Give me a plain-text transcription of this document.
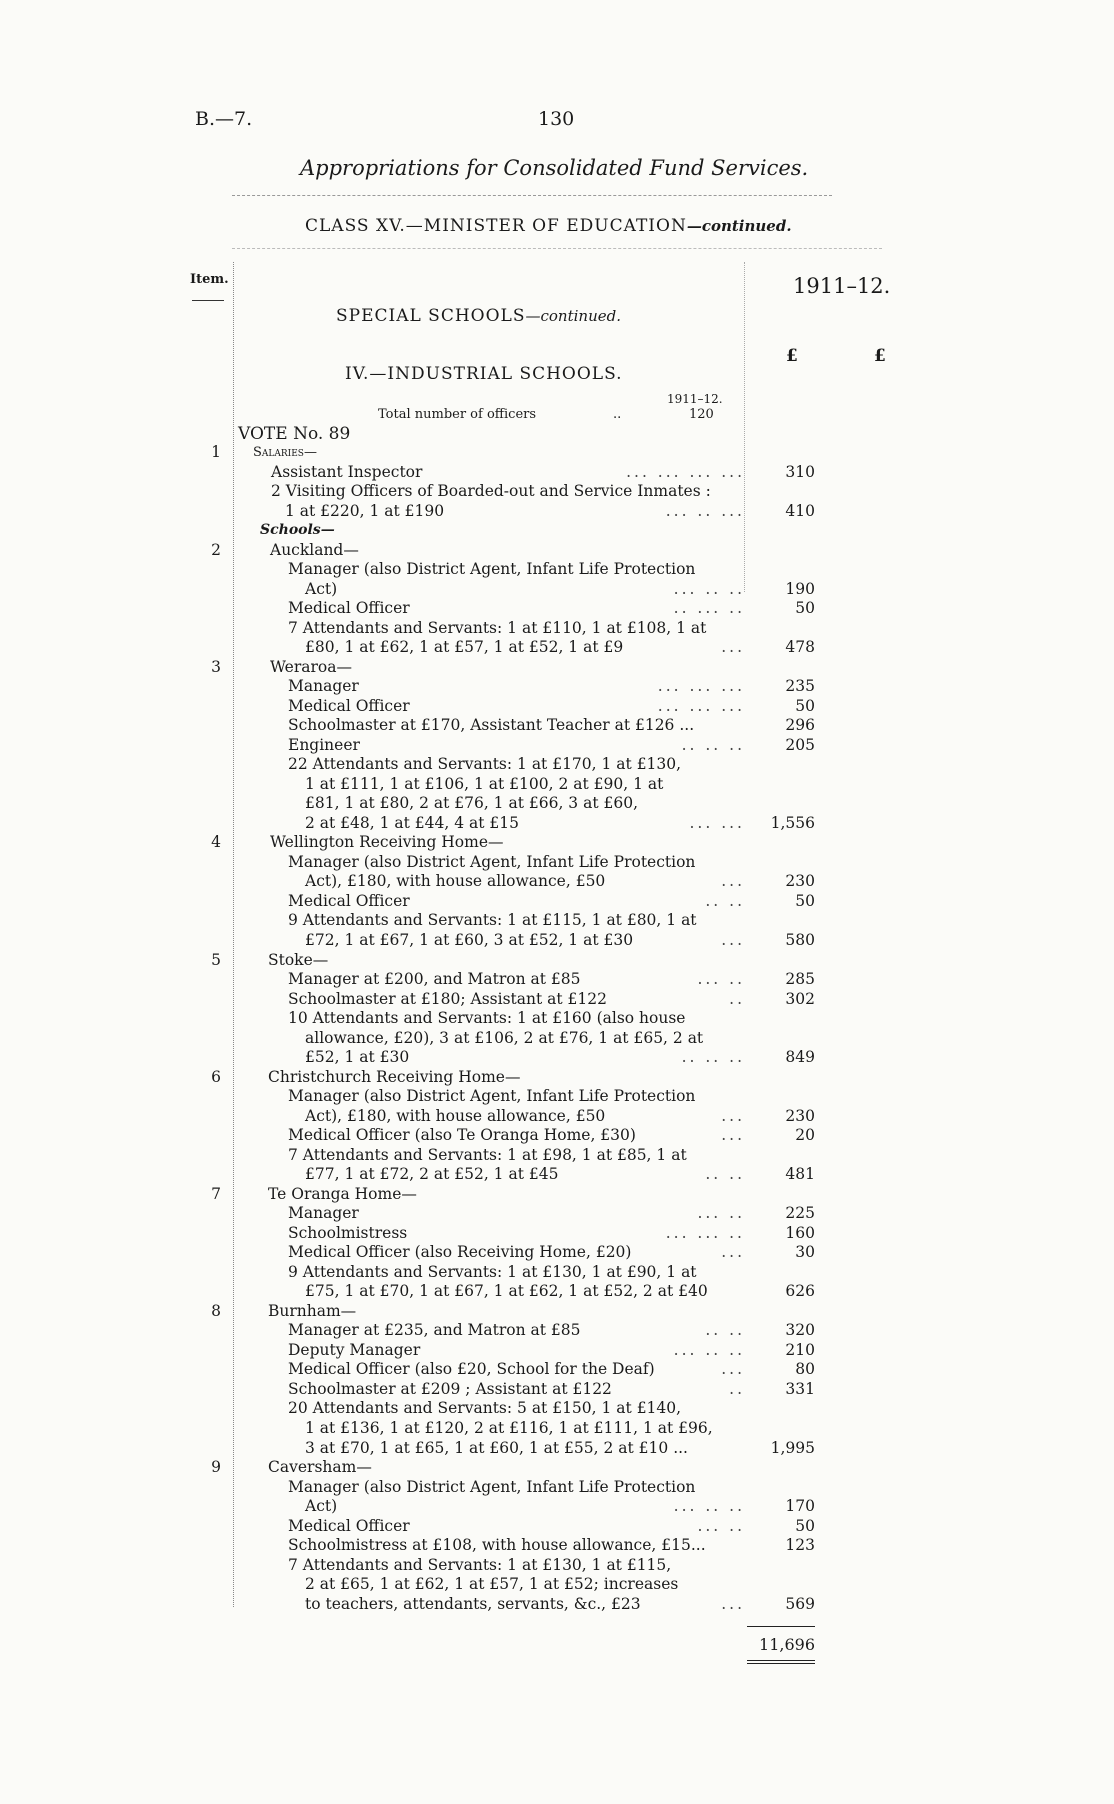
B.—7.	130
Appropriations for Consolidated Fund Services.
CLASS XV.—MINISTER OF EDUCATION—continued.
Item.	1911–12.
SPECIAL SCHOOLS—continued.
£	£
IV.—INDUSTRIAL SCHOOLS.
1911–12.
Total number of officers	..	120
VOTE No. 89
1 Salaries—
Assistant Inspector	... ... ... ...	310
2 Visiting Officers of Boarded-out and Service Inmates :
1 at £220, 1 at £190	... .. ...	410
Schools—
2	Auckland—
Manager (also District Agent, Infant Life Protection
Act)	... .. ..	190
Medical Officer	.. ... ..	50
7 Attendants and Servants: 1 at £110, 1 at £108, 1 at
£80, 1 at £62, 1 at £57, 1 at £52, 1 at £9	...	478
3	Weraroa—
Manager	... ... ...	235
Medical Officer	... ... ...	50
Schoolmaster at £170, Assistant Teacher at £126 ...	296
Engineer	.. .. ..	205
22 Attendants and Servants: 1 at £170, 1 at £130,
1 at £111, 1 at £106, 1 at £100, 2 at £90, 1 at
£81, 1 at £80, 2 at £76, 1 at £66, 3 at £60,
2 at £48, 1 at £44, 4 at £15	... ...	1,556
4	Wellington Receiving Home—
Manager (also District Agent, Infant Life Protection
Act), £180, with house allowance, £50	...	230
Medical Officer	.. ..	50
9 Attendants and Servants: 1 at £115, 1 at £80, 1 at
£72, 1 at £67, 1 at £60, 3 at £52, 1 at £30	...	580
5	Stoke—
Manager at £200, and Matron at £85	... ..	285
Schoolmaster at £180; Assistant at £122	..	302
10 Attendants and Servants: 1 at £160 (also house
allowance, £20), 3 at £106, 2 at £76, 1 at £65, 2 at
£52, 1 at £30	.. .. ..	849
6	Christchurch Receiving Home—
Manager (also District Agent, Infant Life Protection
Act), £180, with house allowance, £50	...	230
Medical Officer (also Te Oranga Home, £30)	...	20
7 Attendants and Servants: 1 at £98, 1 at £85, 1 at
£77, 1 at £72, 2 at £52, 1 at £45	.. ..	481
7	Te Oranga Home—
Manager	... ..	225
Schoolmistress	... ... ..	160
Medical Officer (also Receiving Home, £20)	...	30
9 Attendants and Servants: 1 at £130, 1 at £90, 1 at
£75, 1 at £70, 1 at £67, 1 at £62, 1 at £52, 2 at £40	626
8	Burnham—
Manager at £235, and Matron at £85	.. ..	320
Deputy Manager	... .. ..	210
Medical Officer (also £20, School for the Deaf)	...	80
Schoolmaster at £209 ; Assistant at £122	..	331
20 Attendants and Servants: 5 at £150, 1 at £140,
1 at £136, 1 at £120, 2 at £116, 1 at £111, 1 at £96,
3 at £70, 1 at £65, 1 at £60, 1 at £55, 2 at £10 ...	1,995
9	Caversham—
Manager (also District Agent, Infant Life Protection
Act)	... .. ..	170
Medical Officer	... ..	50
Schoolmistress at £108, with house allowance, £15...	123
7 Attendants and Servants: 1 at £130, 1 at £115,
2 at £65, 1 at £62, 1 at £57, 1 at £52; increases
to teachers, attendants, servants, &c., £23	...	569
11,696
